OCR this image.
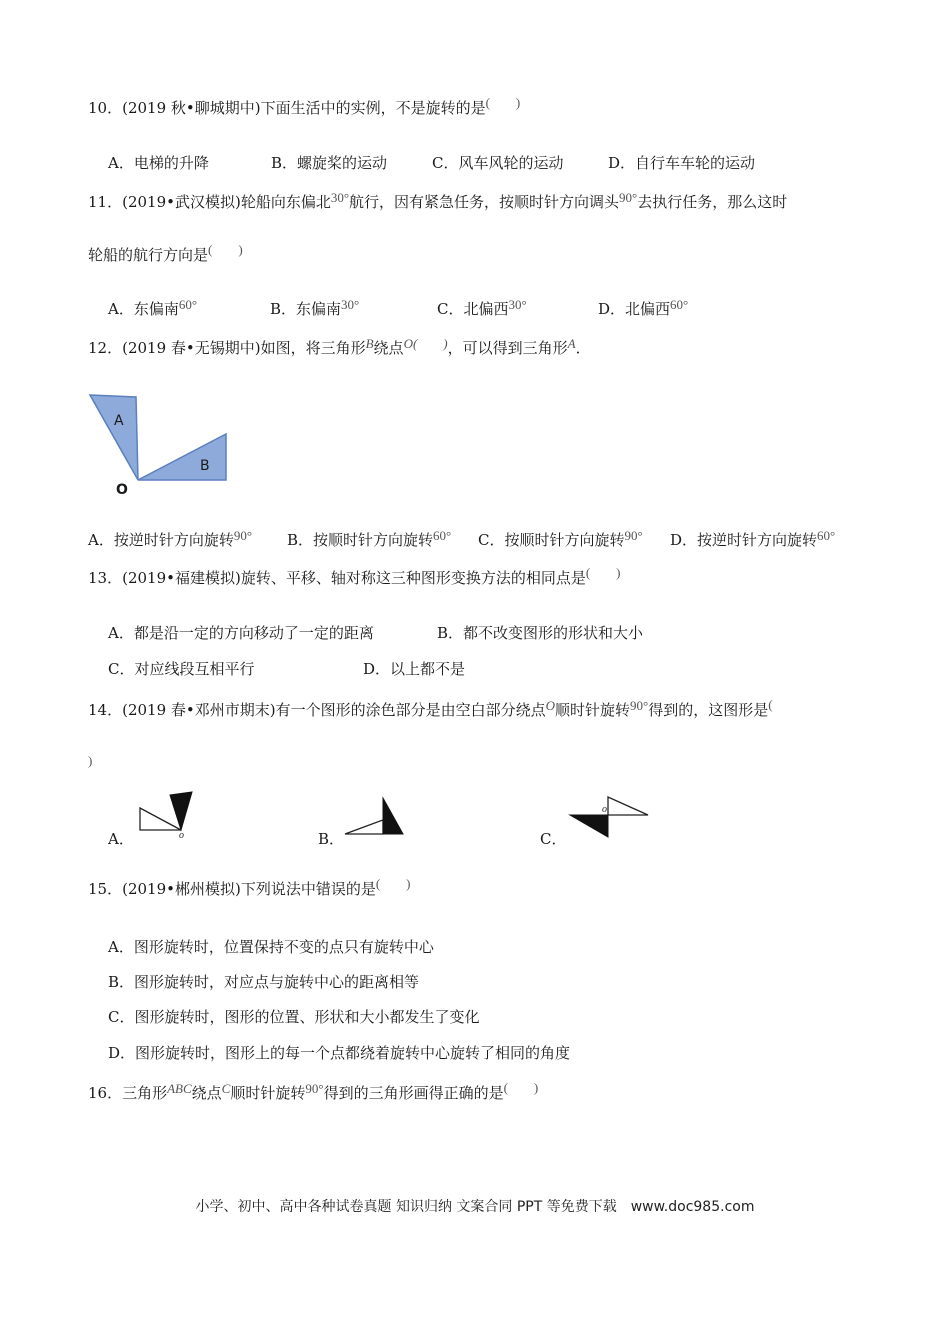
10．(2019 秋•聊城期中)下面生活中的实例，不是旋转的是(　　)
A．电梯的升降	B．螺旋桨的运动	C．风车风轮的运动	D．自行车车轮的运动
11．(2019•武汉模拟)轮船向东偏北30°航行，因有紧急任务，按顺时针方向调头90°去执行任务，那么这时
轮船的航行方向是(　　)
A．东偏南60°	B．东偏南30°	C．北偏西30°	D．北偏西60°
12．(2019 春•无锡期中)如图，将三角形B绕点O(　　)，可以得到三角形A．
A
B
O
A．按逆时针方向旋转90° B．按顺时针方向旋转60° C．按顺时针方向旋转90° D．按逆时针方向旋转60°
13．(2019•福建模拟)旋转、平移、轴对称这三种图形变换方法的相同点是(　　)
A．都是沿一定的方向移动了一定的距离	B．都不改变图形的形状和大小
C．对应线段互相平行	D．以上都不是
14．(2019 春•邓州市期末)有一个图形的涂色部分是由空白部分绕点O顺时针旋转90°得到的，这图形是(
)
A．	o	B．	C．
o
15．(2019•郴州模拟)下列说法中错误的是(　　)
A．图形旋转时，位置保持不变的点只有旋转中心
B．图形旋转时，对应点与旋转中心的距离相等
C．图形旋转时，图形的位置、形状和大小都发生了变化
D．图形旋转时，图形上的每一个点都绕着旋转中心旋转了相同的角度
16．三角形ABC绕点C顺时针旋转90°得到的三角形画得正确的是(　　)
小学、初中、高中各种试卷真题 知识归纳 文案合同 PPT 等免费下载　www.doc985.com
